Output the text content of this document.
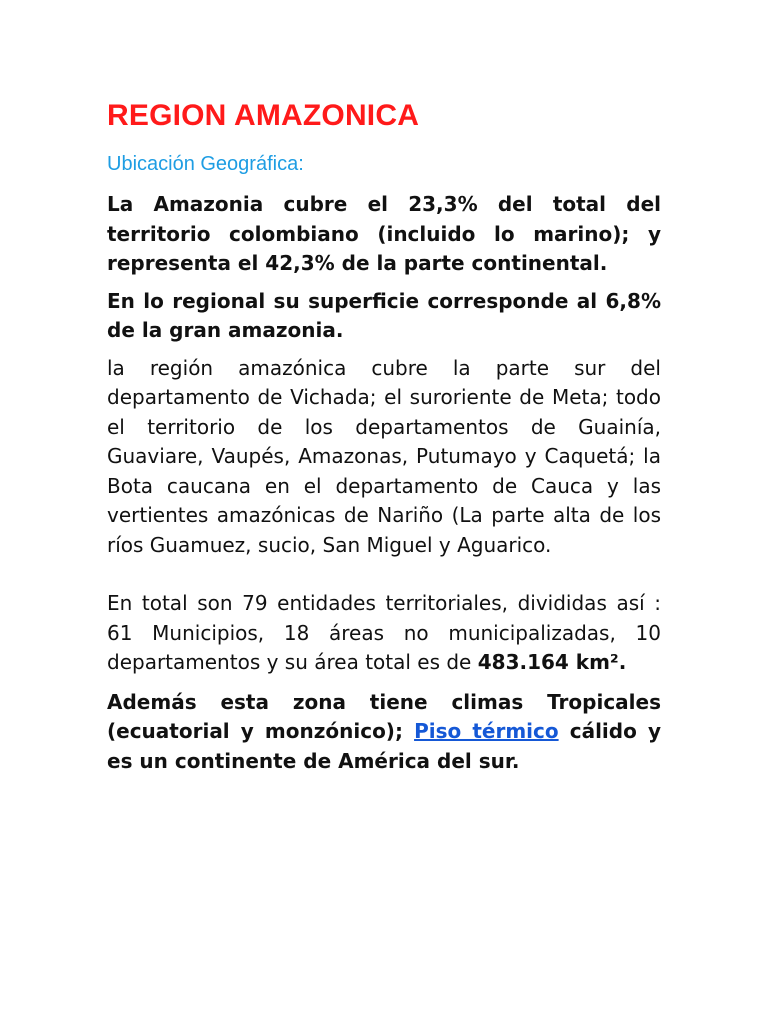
REGION AMAZONICA
Ubicación Geográfica:

La Amazonia cubre el 23,3% del total del territorio colombiano (incluido lo marino); y representa el 42,3% de la parte continental.

En lo regional su superficie corresponde al 6,8% de la gran amazonia.

la región amazónica cubre la parte sur del departamento de Vichada; el suroriente de Meta; todo el territorio de los departamentos de Guainía, Guaviare, Vaupés, Amazonas, Putumayo y Caquetá; la Bota caucana en el departamento de Cauca y las vertientes amazónicas de Nariño (La parte alta de los ríos Guamuez, sucio, San Miguel y Aguarico.

En total son 79 entidades territoriales, divididas así : 61 Municipios, 18 áreas no municipalizadas, 10 departamentos y su área total es de 483.164 km².

Además esta zona tiene climas Tropicales (ecuatorial y monzónico); Piso térmico cálido y es un continente de América del sur.
